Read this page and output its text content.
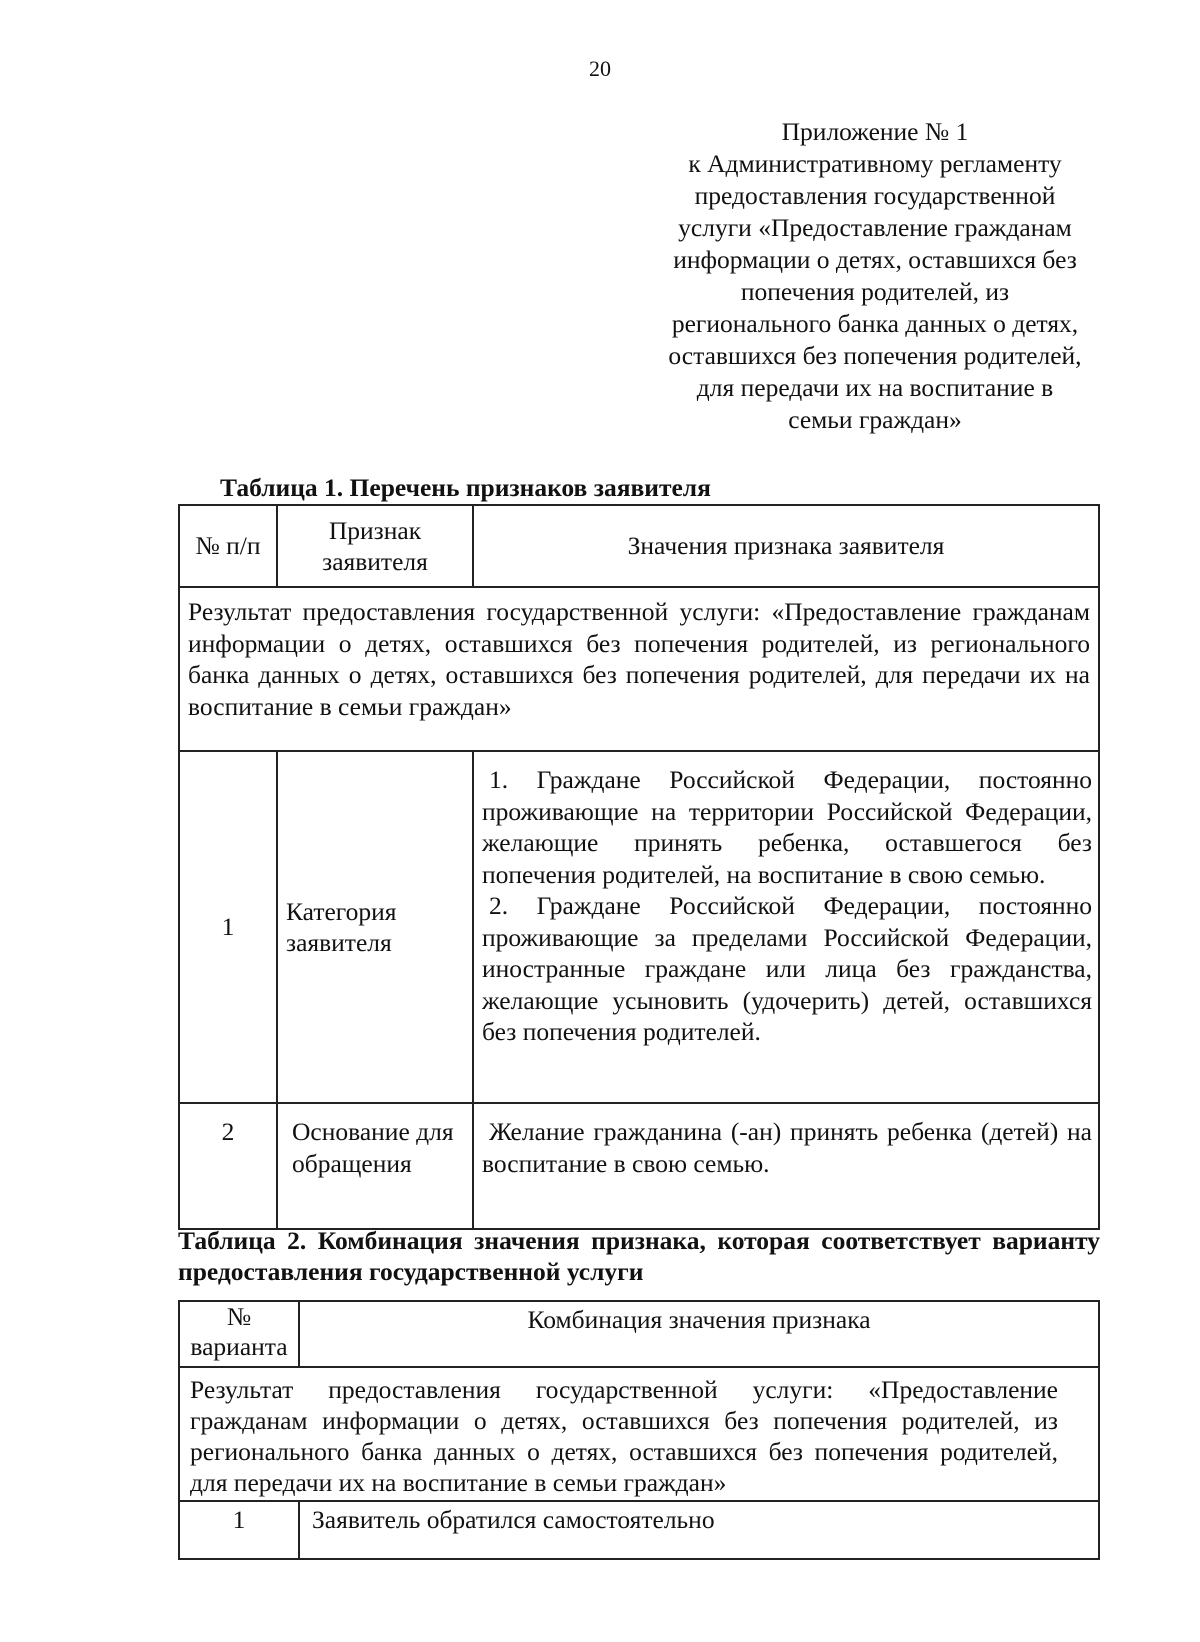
20
Приложение № 1
к Административному регламенту
предоставления государственной
услуги «Предоставление гражданам
информации о детях, оставшихся без
попечения родителей, из
регионального банка данных о детях,
оставшихся без попечения родителей,
для передачи их на воспитание в
семьи граждан»
Таблица 1. Перечень признаков заявителя
№ п/п	Признак заявителя	Значения признака заявителя
Результат предоставления государственной услуги: «Предоставление гражданам информации о детях, оставшихся без попечения родителей, из регионального банка данных о детях, оставшихся без попечения родителей, для передачи их на воспитание в семьи граждан»		
1	Категория заявителя	1. Граждане Российской Федерации, постоянно проживающие на территории Российской Федерации, желающие принять ребенка, оставшегося без попечения родителей, на воспитание в свою семью.

2. Граждане Российской Федерации, постоянно проживающие за пределами Российской Федерации, иностранные граждане или лица без гражданства, желающие усыновить (удочерить) детей, оставшихся без попечения родителей.

2	Основание для обращения	Желание гражданина (-ан) принять ребенка (детей) на воспитание в свою семью.

Таблица 2. Комбинация значения признака, которая соответствует варианту предоставления государственной услуги
№ варианта	Комбинация значения признака
Результат предоставления государственной услуги: «Предоставление гражданам информации о детях, оставшихся без попечения родителей, из регионального банка данных о детях, оставшихся без попечения родителей, для передачи их на воспитание в семьи граждан»	
1	Заявитель обратился самостоятельно
